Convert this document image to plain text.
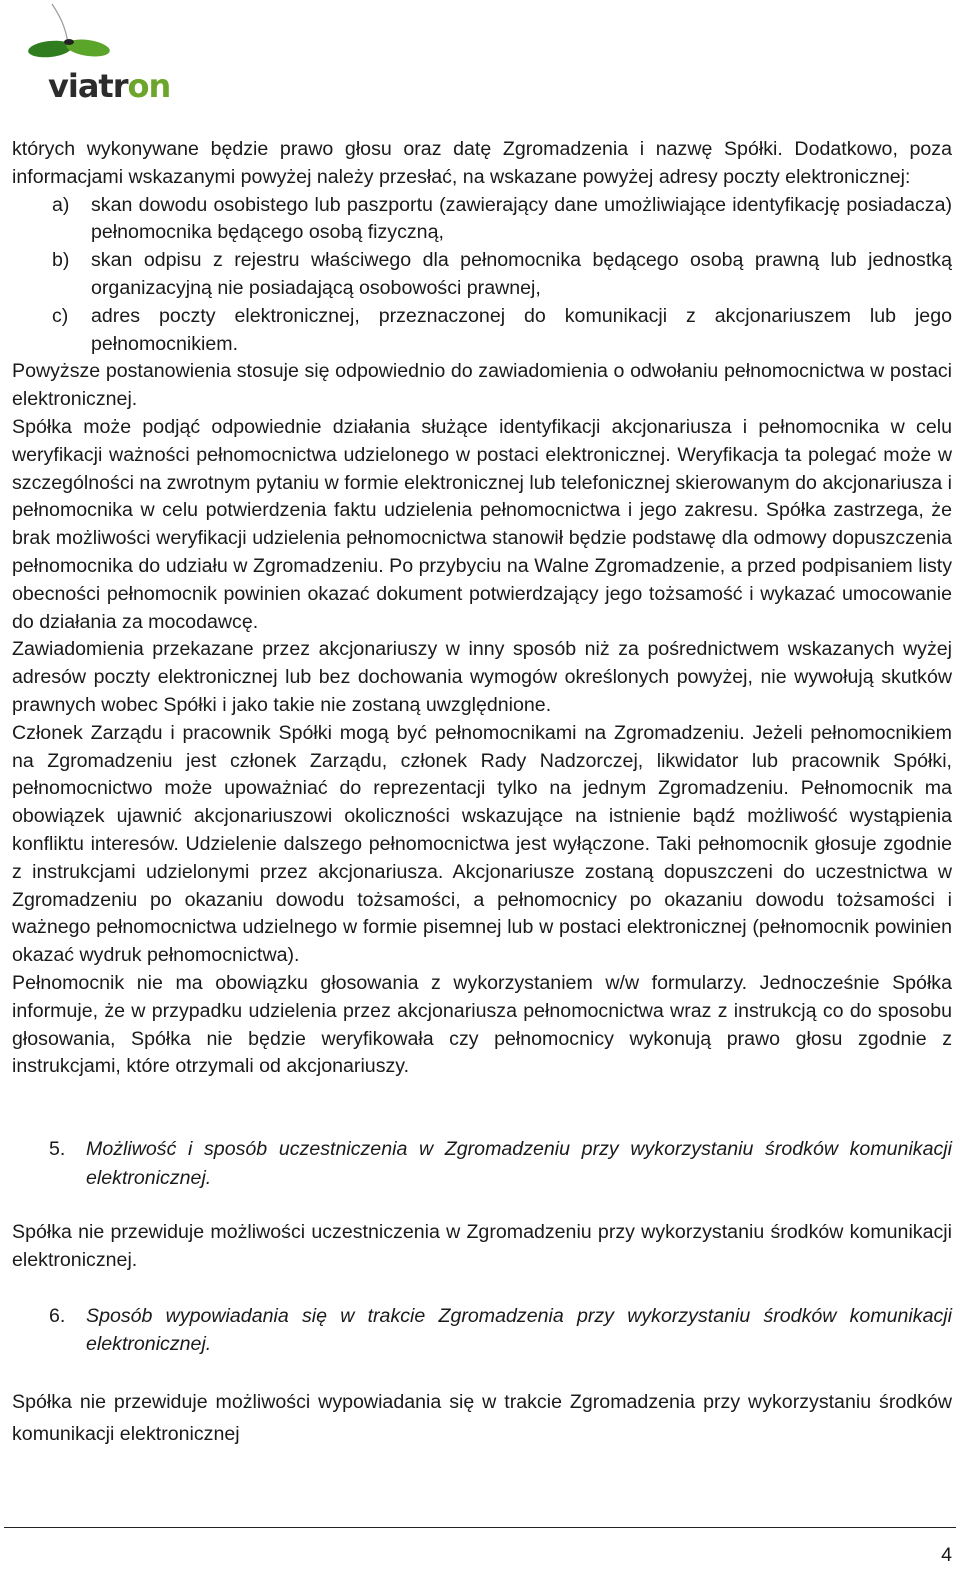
viatron

których wykonywane będzie prawo głosu oraz datę Zgromadzenia i nazwę Spółki. Dodatkowo, poza informacjami wskazanymi powyżej należy przesłać, na wskazane powyżej adresy poczty elektronicznej:

a) skan dowodu osobistego lub paszportu (zawierający dane umożliwiające identyfikację posiadacza) pełnomocnika będącego osobą fizyczną,
b) skan odpisu z rejestru właściwego dla pełnomocnika będącego osobą prawną lub jednostką organizacyjną nie posiadającą osobowości prawnej,
c) adres poczty elektronicznej, przeznaczonej do komunikacji z akcjonariuszem lub jego pełnomocnikiem.

Powyższe postanowienia stosuje się odpowiednio do zawiadomienia o odwołaniu pełnomocnictwa w postaci elektronicznej.

Spółka może podjąć odpowiednie działania służące identyfikacji akcjonariusza i pełnomocnika w celu weryfikacji ważności pełnomocnictwa udzielonego w postaci elektronicznej. Weryfikacja ta polegać może w szczególności na zwrotnym pytaniu w formie elektronicznej lub telefonicznej skierowanym do akcjonariusza i pełnomocnika w celu potwierdzenia faktu udzielenia pełnomocnictwa i jego zakresu. Spółka zastrzega, że brak możliwości weryfikacji udzielenia pełnomocnictwa stanowił będzie podstawę dla odmowy dopuszczenia pełnomocnika do udziału w Zgromadzeniu. Po przybyciu na Walne Zgromadzenie, a przed podpisaniem listy obecności pełnomocnik powinien okazać dokument potwierdzający jego tożsamość i wykazać umocowanie do działania za mocodawcę.

Zawiadomienia przekazane przez akcjonariuszy w inny sposób niż za pośrednictwem wskazanych wyżej adresów poczty elektronicznej lub bez dochowania wymogów określonych powyżej, nie wywołują skutków prawnych wobec Spółki i jako takie nie zostaną uwzględnione.

Członek Zarządu i pracownik Spółki mogą być pełnomocnikami na Zgromadzeniu. Jeżeli pełnomocnikiem na Zgromadzeniu jest członek Zarządu, członek Rady Nadzorczej, likwidator lub pracownik Spółki, pełnomocnictwo może upoważniać do reprezentacji tylko na jednym Zgromadzeniu. Pełnomocnik ma obowiązek ujawnić akcjonariuszowi okoliczności wskazujące na istnienie bądź możliwość wystąpienia konfliktu interesów. Udzielenie dalszego pełnomocnictwa jest wyłączone. Taki pełnomocnik głosuje zgodnie z instrukcjami udzielonymi przez akcjonariusza. Akcjonariusze zostaną dopuszczeni do uczestnictwa w Zgromadzeniu po okazaniu dowodu tożsamości, a pełnomocnicy po okazaniu dowodu tożsamości i ważnego pełnomocnictwa udzielnego w formie pisemnej lub w postaci elektronicznej (pełnomocnik powinien okazać wydruk pełnomocnictwa).

Pełnomocnik nie ma obowiązku głosowania z wykorzystaniem w/w formularzy. Jednocześnie Spółka informuje, że w przypadku udzielenia przez akcjonariusza pełnomocnictwa wraz z instrukcją co do sposobu głosowania, Spółka nie będzie weryfikowała czy pełnomocnicy wykonują prawo głosu zgodnie z instrukcjami, które otrzymali od akcjonariuszy.

5. Możliwość i sposób uczestniczenia w Zgromadzeniu przy wykorzystaniu środków komunikacji elektronicznej.

Spółka nie przewiduje możliwości uczestniczenia w Zgromadzeniu przy wykorzystaniu środków komunikacji elektronicznej.

6. Sposób wypowiadania się w trakcie Zgromadzenia przy wykorzystaniu środków komunikacji elektronicznej.

Spółka nie przewiduje możliwości wypowiadania się w trakcie Zgromadzenia przy wykorzystaniu środków komunikacji elektronicznej

4
